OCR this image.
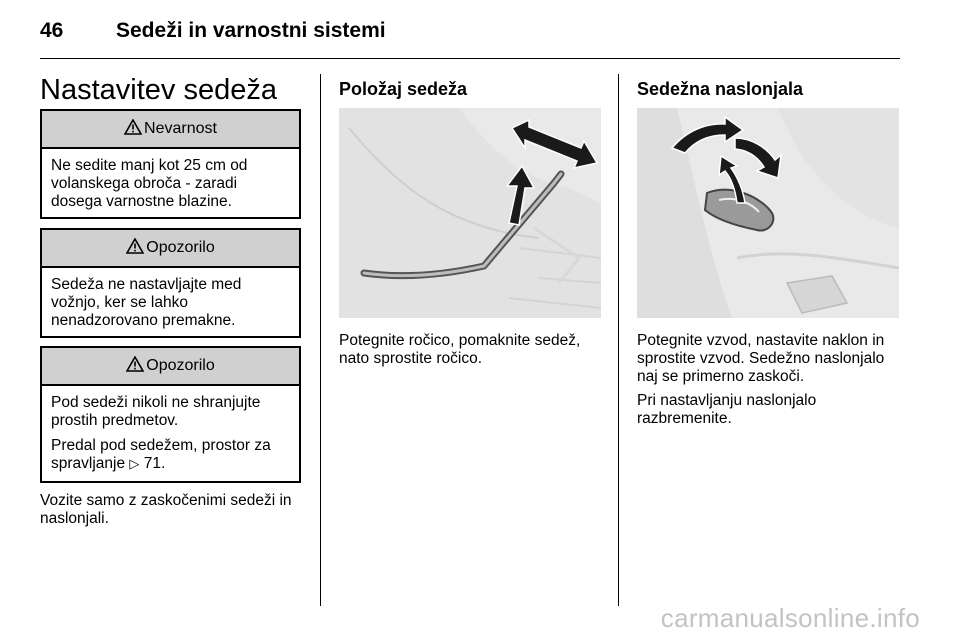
46	Sedeži in varnostni sistemi
Nastavitev sedeža
Nevarnost

Ne sedite manj kot 25 cm od volanskega obroča - zaradi dosega varnostne blazine.

Opozorilo

Sedeža ne nastavljajte med vožnjo, ker se lahko nenadzorovano premakne.

Opozorilo

Pod sedeži nikoli ne shranjujte prostih predmetov.

Predal pod sedežem, prostor za spravljanje ▷ 71.

Vozite samo z zaskočenimi sedeži in naslonjali.
Položaj sedeža
Potegnite ročico, pomaknite sedež, nato sprostite ročico.
Sedežna naslonjala

Potegnite vzvod, nastavite naklon in sprostite vzvod. Sedežno naslonjalo naj se primerno zaskoči.

Pri nastavljanju naslonjalo razbremenite.

carmanualsonline.info
